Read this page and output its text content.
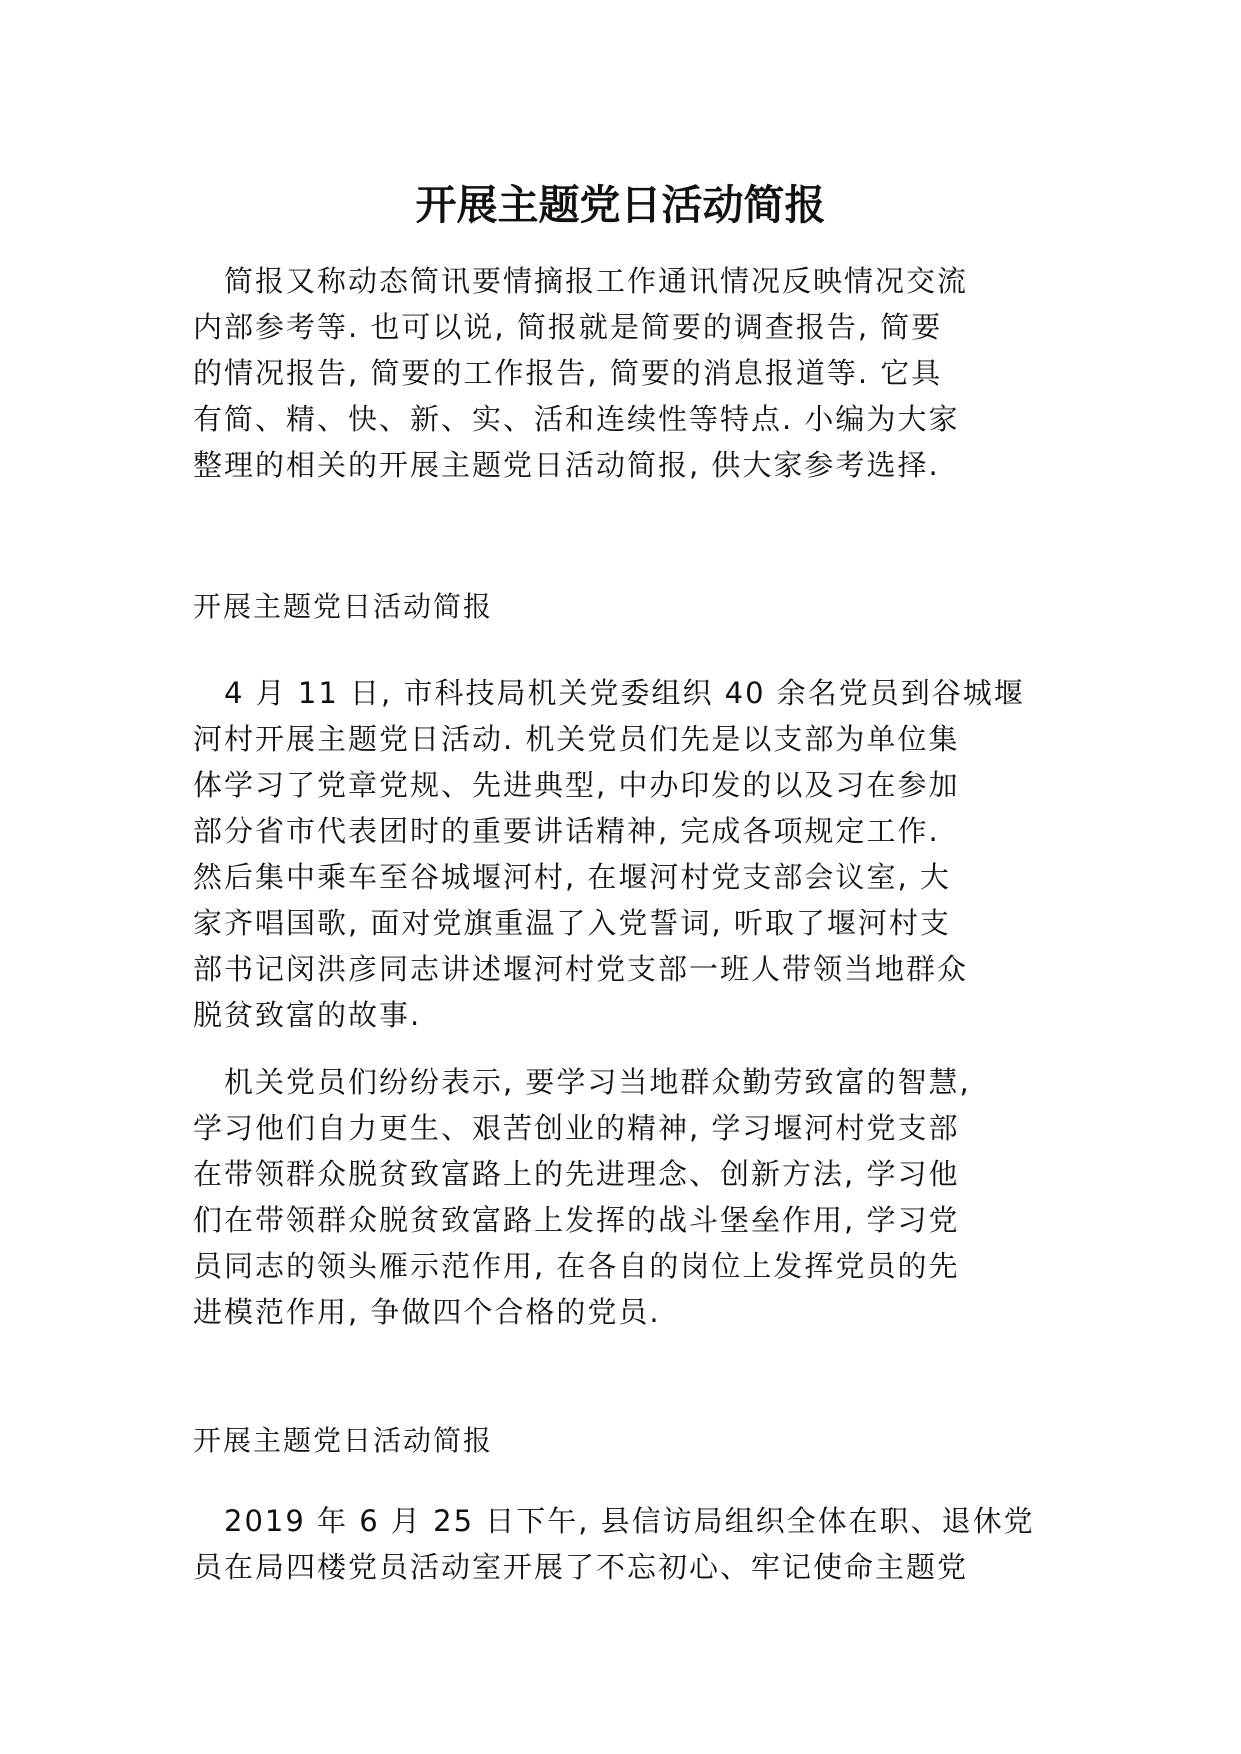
开展主题党日活动简报
　简报又称动态简讯要情摘报工作通讯情况反映情况交流
内部参考等. 也可以说, 简报就是简要的调查报告, 简要
的情况报告, 简要的工作报告, 简要的消息报道等. 它具
有简、精、快、新、实、活和连续性等特点. 小编为大家
整理的相关的开展主题党日活动简报, 供大家参考选择.
开展主题党日活动简报
　4 月 11 日, 市科技局机关党委组织 40 余名党员到谷城堰
河村开展主题党日活动. 机关党员们先是以支部为单位集
体学习了党章党规、先进典型, 中办印发的以及习在参加
部分省市代表团时的重要讲话精神, 完成各项规定工作.
然后集中乘车至谷城堰河村, 在堰河村党支部会议室, 大
家齐唱国歌, 面对党旗重温了入党誓词, 听取了堰河村支
部书记闵洪彦同志讲述堰河村党支部一班人带领当地群众
脱贫致富的故事.
　机关党员们纷纷表示, 要学习当地群众勤劳致富的智慧,
学习他们自力更生、艰苦创业的精神, 学习堰河村党支部
在带领群众脱贫致富路上的先进理念、创新方法, 学习他
们在带领群众脱贫致富路上发挥的战斗堡垒作用, 学习党
员同志的领头雁示范作用, 在各自的岗位上发挥党员的先
进模范作用, 争做四个合格的党员.
开展主题党日活动简报
　2019 年 6 月 25 日下午, 县信访局组织全体在职、退休党
员在局四楼党员活动室开展了不忘初心、牢记使命主题党
